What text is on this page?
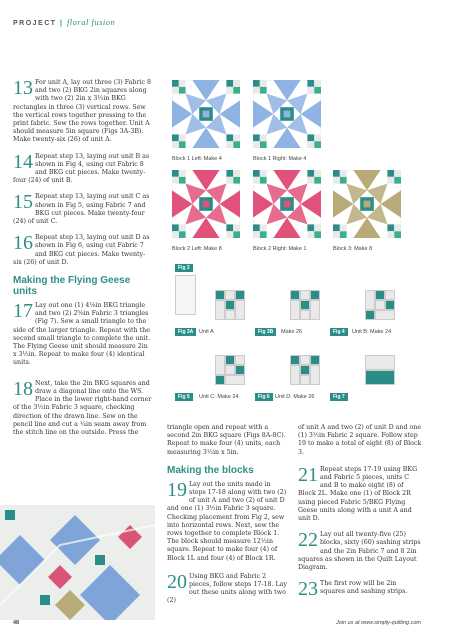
PROJECT | floral fusion
13 For unit A, lay out three (3) Fabric 8 and two (2) BKG 2in squares along with two (2) 2in x 3½in BKG rectangles in three (3) vertical rows. Sew the vertical rows together pressing to the print fabric. Sew the rows together. Unit A should measure 5in square (Figs 3A-3B). Make twenty-six (26) of unit A.

14 Repeat step 13, laying out unit B as shown in Fig 4, using cut Fabric 8 and BKG cut pieces. Make twenty-four (24) of unit B.

15 Repeat step 13, laying out unit C as shown in Fig 5, using Fabric 7 and BKG cut pieces. Make twenty-four (24) of unit C.

16 Repeat step 13, laying out unit D as shown in Fig 6, using cut Fabric 7 and BKG cut pieces. Make twenty-six (26) of unit D.

Making the Flying Geese units
17 Lay out one (1) 4⅛in BKG triangle and two (2) 2⅝in Fabric 3 triangles (Fig 7). Sew a small triangle to the side of the larger triangle. Repeat with the second small triangle to complete the unit. The Flying Geese unit should measure 2in x 3½in. Repeat to make four (4) identical units.

18 Next, take the 2in BKG squares and draw a diagonal line onto the WS. Place in the lower right-hand corner of the 3½in Fabric 3 square, checking direction of the drawn line. Sew on the pencil line and cut a ¼in seam away from the stitch line on the outside. Press the

Block 1 Left: Make 4	Block 1 Right: Make 4
Block 2 Left: Make 8	Block 2 Right: Make 1	Block 3: Make 8
Fig 2
Fig 3A	Unit A	Fig 3B	Make 26	Fig 4	Unit B: Make 24
Fig 5	Unit C: Make 24	Fig 6 Unit D: Make 26	Fig 7

triangle open and repeat with a second 2in BKG square (Figs 8A-8C). Repeat to make four (4) units, each measuring 3½in x 5in.

Making the blocks
19 Lay out the units made in steps 17-18 along with two (2) of unit A and two (2) of unit D and one (1) 3½in Fabric 3 square. Checking placement from Fig 2, sew into horizontal rows. Next, sew the rows together to complete Block 1. The block should measure 12½in square. Repeat to make four (4) of Block 1L and four (4) of Block 1R.

20 Using BKG and Fabric 2 pieces, follow steps 17-18. Lay out these units along with two (2)

of unit A and two (2) of unit D and one (1) 3½in Fabric 2 square. Follow step 19 to make a total of eight (8) of Block 3.

21 Repeat steps 17-19 using BKG and Fabric 5 pieces, units C and B to make eight (8) of Block 2L. Make one (1) of Block 2R using pieced Fabric 5/BKG Flying Geese units along with a unit A and unit D.

22 Lay out all twenty-five (25) blocks, sixty (60) sashing strips and the 2in Fabric 7 and 8 2in squares as shown in the Quilt Layout Diagram.

23 The first row will be 2in squares and sashing strips.

48	Join us at www.simply-quilting.com
